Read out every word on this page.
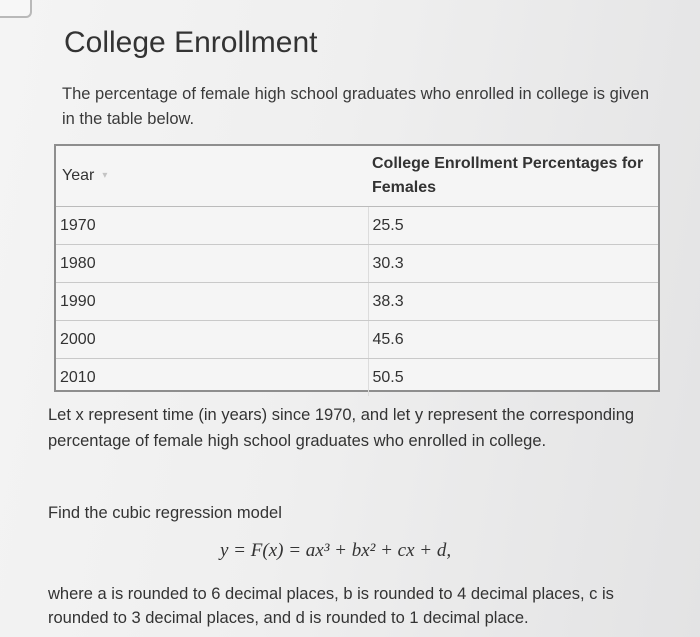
College Enrollment

The percentage of female high school graduates who enrolled in college is given in the table below.

Year ▾	College Enrollment Percentages for Females
1970	25.5
1980	30.3
1990	38.3
2000	45.6
2010	50.5

Let x represent time (in years) since 1970, and let y represent the corresponding percentage of female high school graduates who enrolled in college.

Find the cubic regression model

y = F(x) = ax³ + bx² + cx + d,

where a is rounded to 6 decimal places, b is rounded to 4 decimal places, c is rounded to 3 decimal places, and d is rounded to 1 decimal place.
